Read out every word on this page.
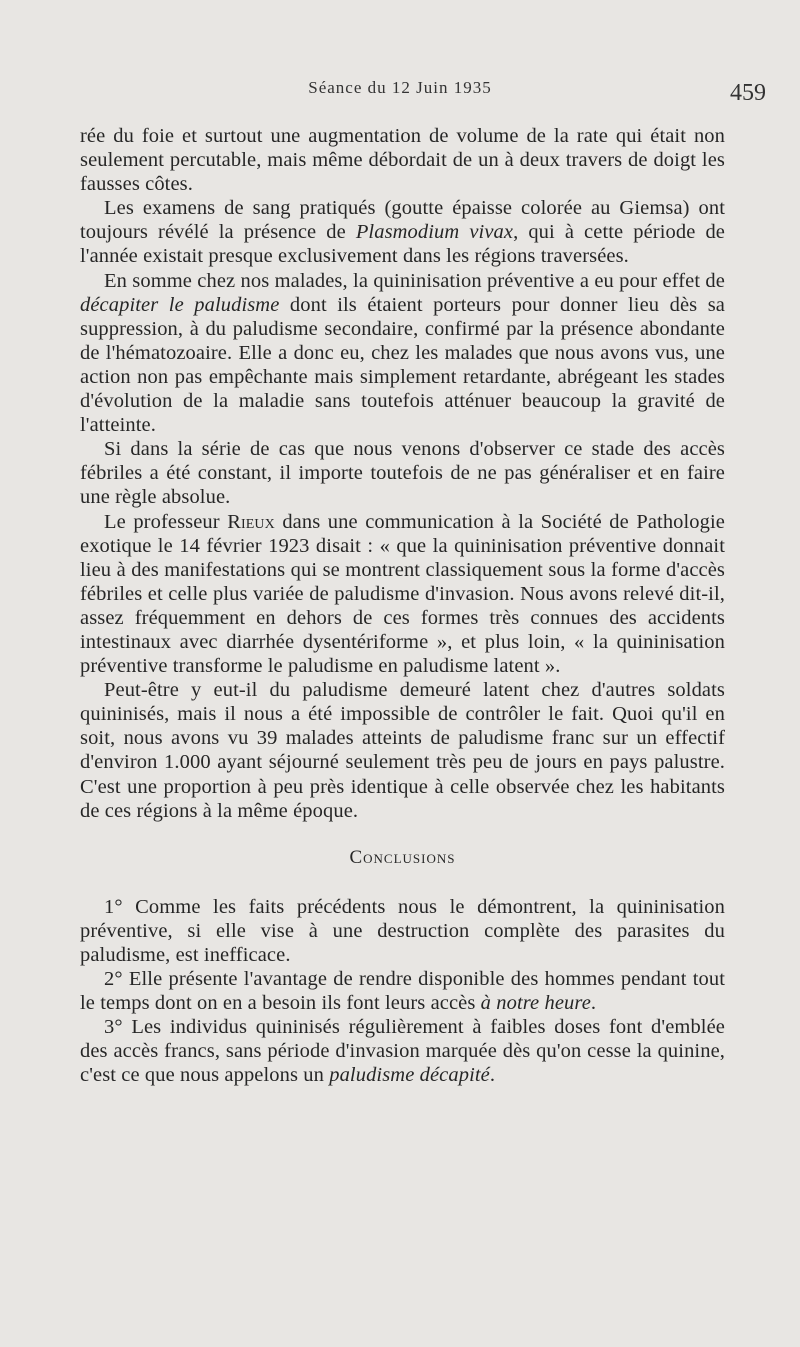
Séance du 12 Juin 1935	459

rée du foie et surtout une augmentation de volume de la rate qui était non seulement percutable, mais même débordait de un à deux travers de doigt les fausses côtes.

Les examens de sang pratiqués (goutte épaisse colorée au Giemsa) ont toujours révélé la présence de Plasmodium vivax, qui à cette période de l'année existait presque exclusivement dans les régions traversées.

En somme chez nos malades, la quininisation préventive a eu pour effet de décapiter le paludisme dont ils étaient porteurs pour donner lieu dès sa suppression, à du paludisme secondaire, confirmé par la présence abondante de l'hématozoaire. Elle a donc eu, chez les malades que nous avons vus, une action non pas empêchante mais simplement retardante, abrégeant les stades d'évolution de la maladie sans toutefois atténuer beaucoup la gravité de l'atteinte.

Si dans la série de cas que nous venons d'observer ce stade des accès fébriles a été constant, il importe toutefois de ne pas généraliser et en faire une règle absolue.

Le professeur Rieux dans une communication à la Société de Pathologie exotique le 14 février 1923 disait : « que la quininisation préventive donnait lieu à des manifestations qui se montrent classiquement sous la forme d'accès fébriles et celle plus variée de paludisme d'invasion. Nous avons relevé dit-il, assez fréquemment en dehors de ces formes très connues des accidents intestinaux avec diarrhée dysentériforme », et plus loin, « la quininisation préventive transforme le paludisme en paludisme latent ».

Peut-être y eut-il du paludisme demeuré latent chez d'autres soldats quininisés, mais il nous a été impossible de contrôler le fait. Quoi qu'il en soit, nous avons vu 39 malades atteints de paludisme franc sur un effectif d'environ 1.000 ayant séjourné seulement très peu de jours en pays palustre. C'est une proportion à peu près identique à celle observée chez les habitants de ces régions à la même époque.

Conclusions

1° Comme les faits précédents nous le démontrent, la quininisation préventive, si elle vise à une destruction complète des parasites du paludisme, est inefficace.

2° Elle présente l'avantage de rendre disponible des hommes pendant tout le temps dont on en a besoin ils font leurs accès à notre heure.

3° Les individus quininisés régulièrement à faibles doses font d'emblée des accès francs, sans période d'invasion marquée dès qu'on cesse la quinine, c'est ce que nous appelons un paludisme décapité.
